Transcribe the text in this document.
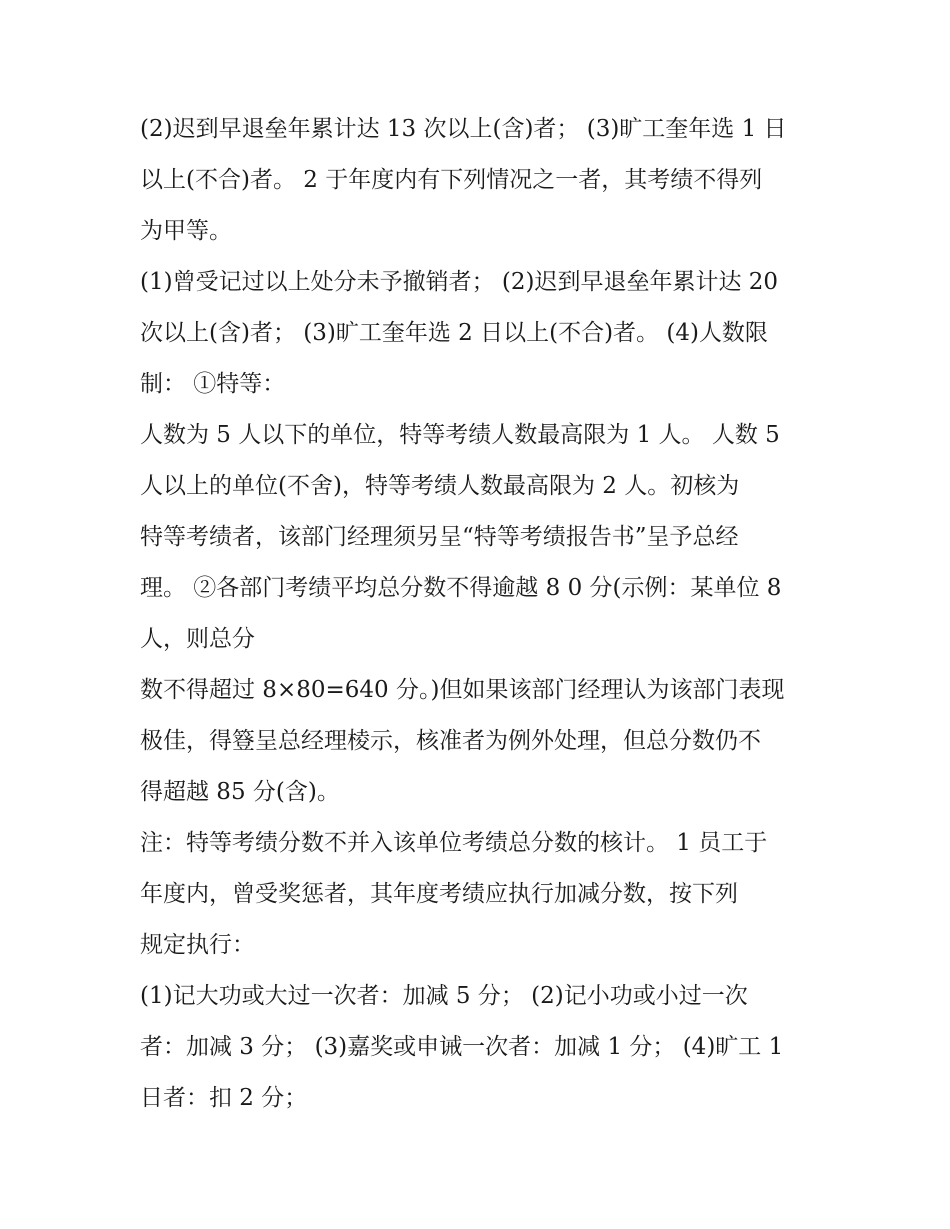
(2)迟到早退垒年累计达 13 次以上(含)者； (3)旷工奎年选 1 日
以上(不合)者。 2 于年度内有下列情况之一者，其考绩不得列
为甲等。
(1)曾受记过以上处分未予撤销者； (2)迟到早退垒年累计达 20
次以上(含)者； (3)旷工奎年选 2 日以上(不合)者。 (4)人数限
制： ①特等：
人数为 5 人以下的单位，特等考绩人数最高限为 1 人。 人数 5
人以上的单位(不舍)，特等考绩人数最高限为 2 人。初核为
特等考绩者，该部门经理须另呈“特等考绩报告书”呈予总经
理。 ②各部门考绩平均总分数不得逾越 8 0 分(示例：某单位 8
人，则总分
数不得超过 8×80=640 分。)但如果该部门经理认为该部门表现
极佳，得簦呈总经理棱示，核准者为例外处理，但总分数仍不
得超越 85 分(含)。
注：特等考绩分数不并入该单位考绩总分数的核计。 1 员工于
年度内，曾受奖惩者，其年度考绩应执行加减分数，按下列
规定执行：
(1)记大功或大过一次者：加减 5 分； (2)记小功或小过一次
者：加减 3 分； (3)嘉奖或申诫一次者：加减 1 分； (4)旷工 1
日者：扣 2 分；
